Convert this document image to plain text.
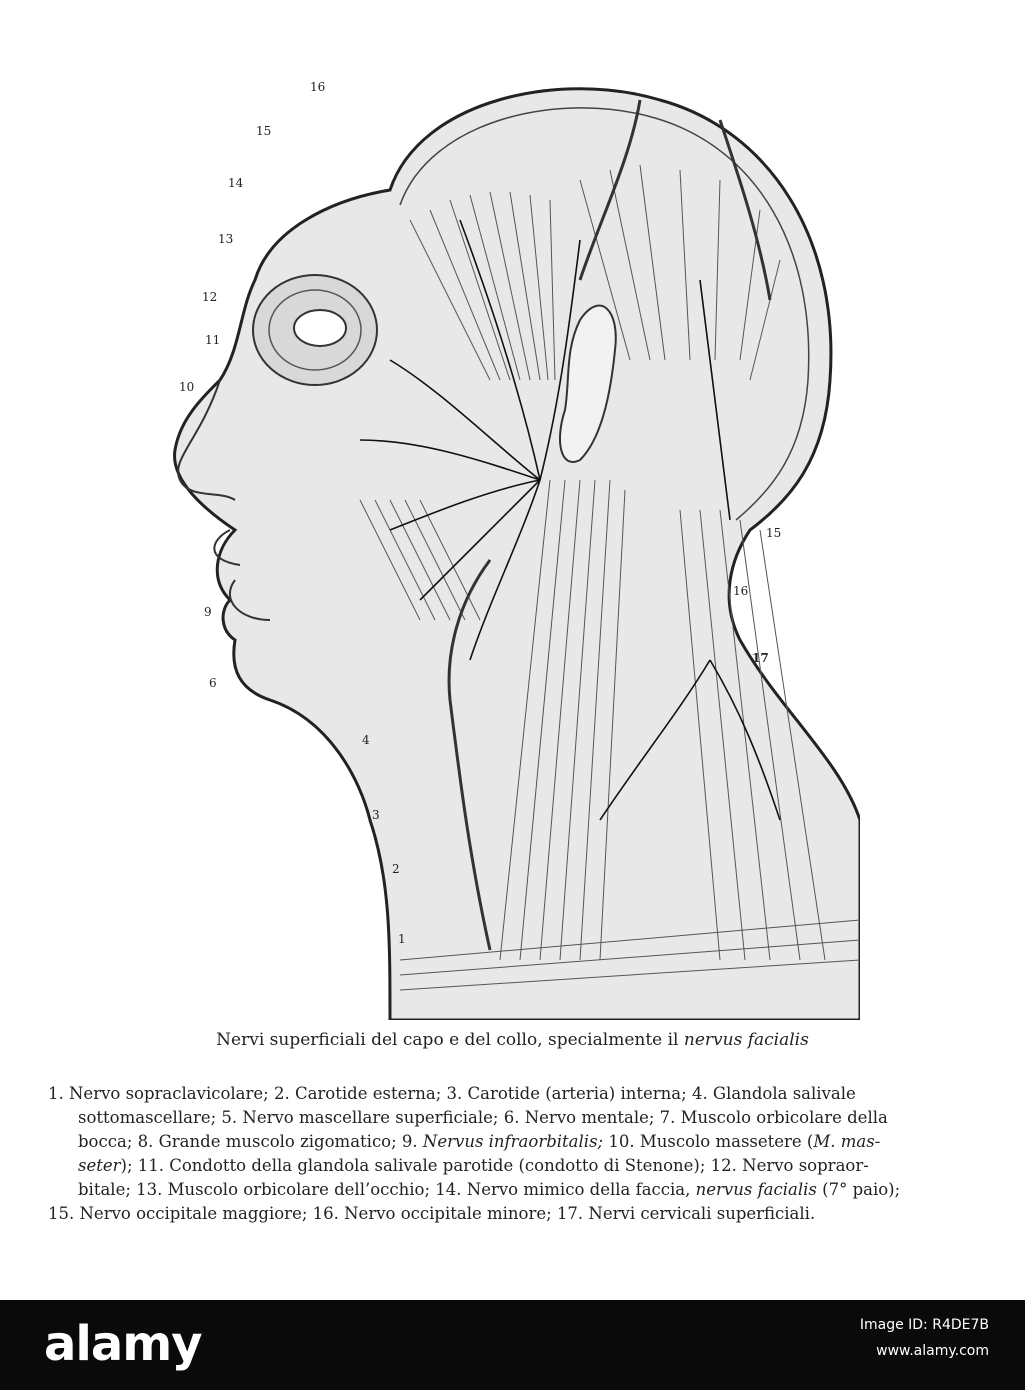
16
15
14
13
12
11
10
9
6
4
3
2
1
15
16
17
Nervi superficiali del capo e del collo, specialmente il nervus facialis

1. Nervo sopraclavicolare; 2. Carotide esterna; 3. Carotide (arteria) interna; 4. Glandola salivale

sottomascellare; 5. Nervo mascellare superficiale; 6. Nervo mentale; 7. Muscolo orbicolare della

bocca; 8. Grande muscolo zigomatico; 9. Nervus infraorbitalis; 10. Muscolo massetere (M. mas-

seter); 11. Condotto della glandola salivale parotide (condotto di Stenone); 12. Nervo sopraor-

bitale; 13. Muscolo orbicolare dell’occhio; 14. Nervo mimico della faccia, nervus facialis (7° paio);

15. Nervo occipitale maggiore; 16. Nervo occipitale minore; 17. Nervi cervicali superficiali.

alamy	Image ID: R4DE7B
www.alamy.com
